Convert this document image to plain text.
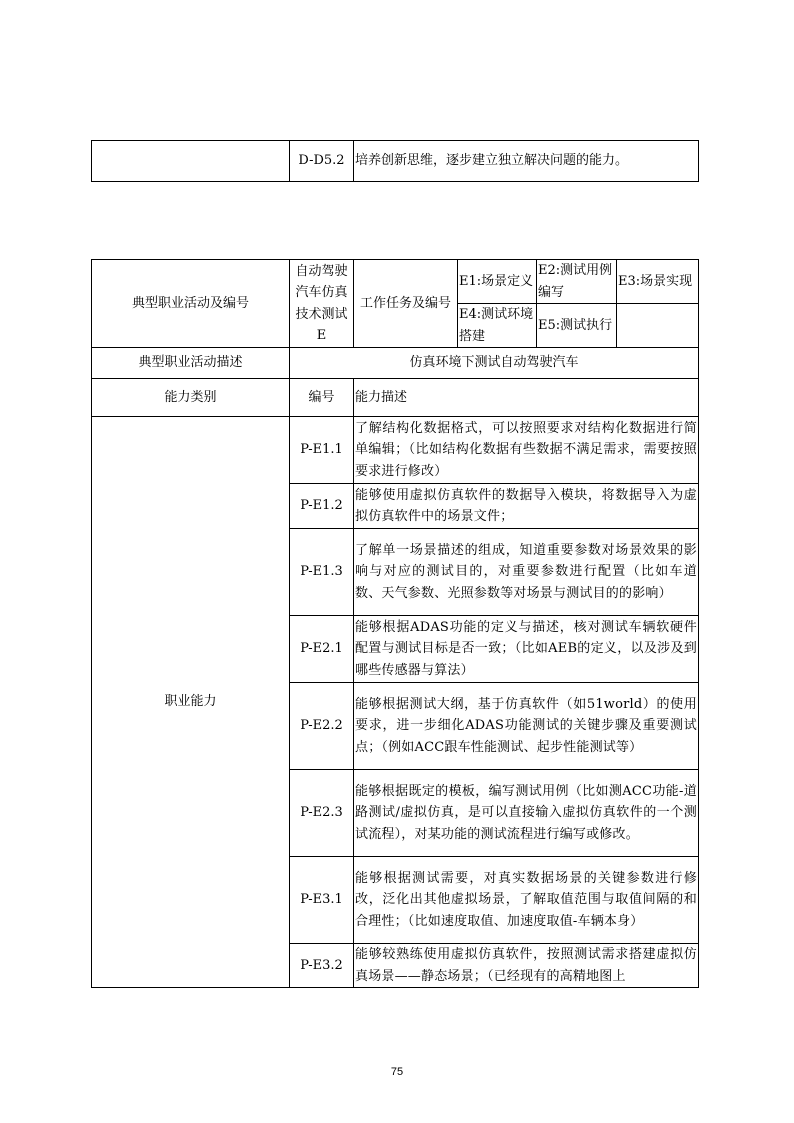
	D-D5.2	培养创新思维，逐步建立独立解决问题的能力。
典型职业活动及编号	自动驾驶汽车仿真技术测试E	工作任务及编号	E1:场景定义	E2:测试用例编写	E3:场景实现
			E4:测试环境搭建	E5:测试执行	
典型职业活动描述	仿真环境下测试自动驾驶汽车				
能力类别	编号	能力描述			
职业能力	P-E1.1	了解结构化数据格式，可以按照要求对结构化数据进行简单编辑；（比如结构化数据有些数据不满足需求，需要按照要求进行修改）			
	P-E1.2	能够使用虚拟仿真软件的数据导入模块，将数据导入为虚拟仿真软件中的场景文件；			
	P-E1.3	了解单一场景描述的组成，知道重要参数对场景效果的影响与对应的测试目的，对重要参数进行配置（比如车道数、天气参数、光照参数等对场景与测试目的的影响）			
	P-E2.1	能够根据ADAS功能的定义与描述，核对测试车辆软硬件配置与测试目标是否一致；（比如AEB的定义，以及涉及到哪些传感器与算法）			
	P-E2.2	能够根据测试大纲，基于仿真软件（如51world）的使用要求，进一步细化ADAS功能测试的关键步骤及重要测试点；（例如ACC跟车性能测试、起步性能测试等）			
	P-E2.3	能够根据既定的模板，编写测试用例（比如测ACC功能-道路测试/虚拟仿真，是可以直接输入虚拟仿真软件的一个测试流程），对某功能的测试流程进行编写或修改。			
	P-E3.1	能够根据测试需要，对真实数据场景的关键参数进行修改，泛化出其他虚拟场景，了解取值范围与取值间隔的和合理性；（比如速度取值、加速度取值-车辆本身）			
	P-E3.2	能够较熟练使用虚拟仿真软件，按照测试需求搭建虚拟仿真场景——静态场景；（已经现有的高精地图上			
75
